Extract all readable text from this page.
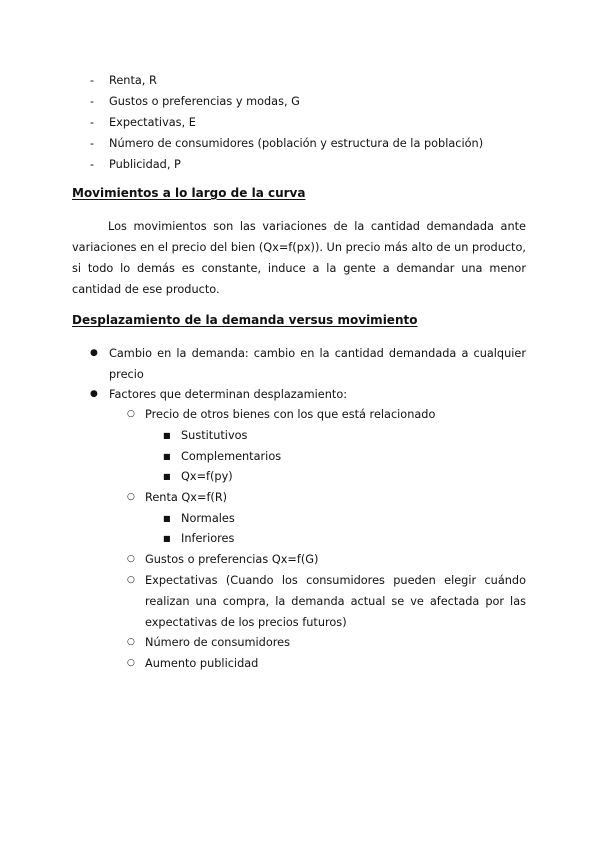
- Renta, R
- Gustos o preferencias y modas, G
- Expectativas, E
- Número de consumidores (población y estructura de la población)
- Publicidad, P
Movimientos a lo largo de la curva

Los movimientos son las variaciones de la cantidad demandada ante variaciones en el precio del bien (Qx=f(px)). Un precio más alto de un producto, si todo lo demás es constante, induce a la gente a demandar una menor cantidad de ese producto.

Desplazamiento de la demanda versus movimiento
● Cambio en la demanda: cambio en la cantidad demandada a cualquier precio
● Factores que determinan desplazamiento:
○ Precio de otros bienes con los que está relacionado
■ Sustitutivos
■ Complementarios
■ Qx=f(py)
○ Renta Qx=f(R)
■ Normales
■ Inferiores
○ Gustos o preferencias Qx=f(G)
○ Expectativas (Cuando los consumidores pueden elegir cuándo realizan una compra, la demanda actual se ve afectada por las expectativas de los precios futuros)
○ Número de consumidores
○ Aumento publicidad
